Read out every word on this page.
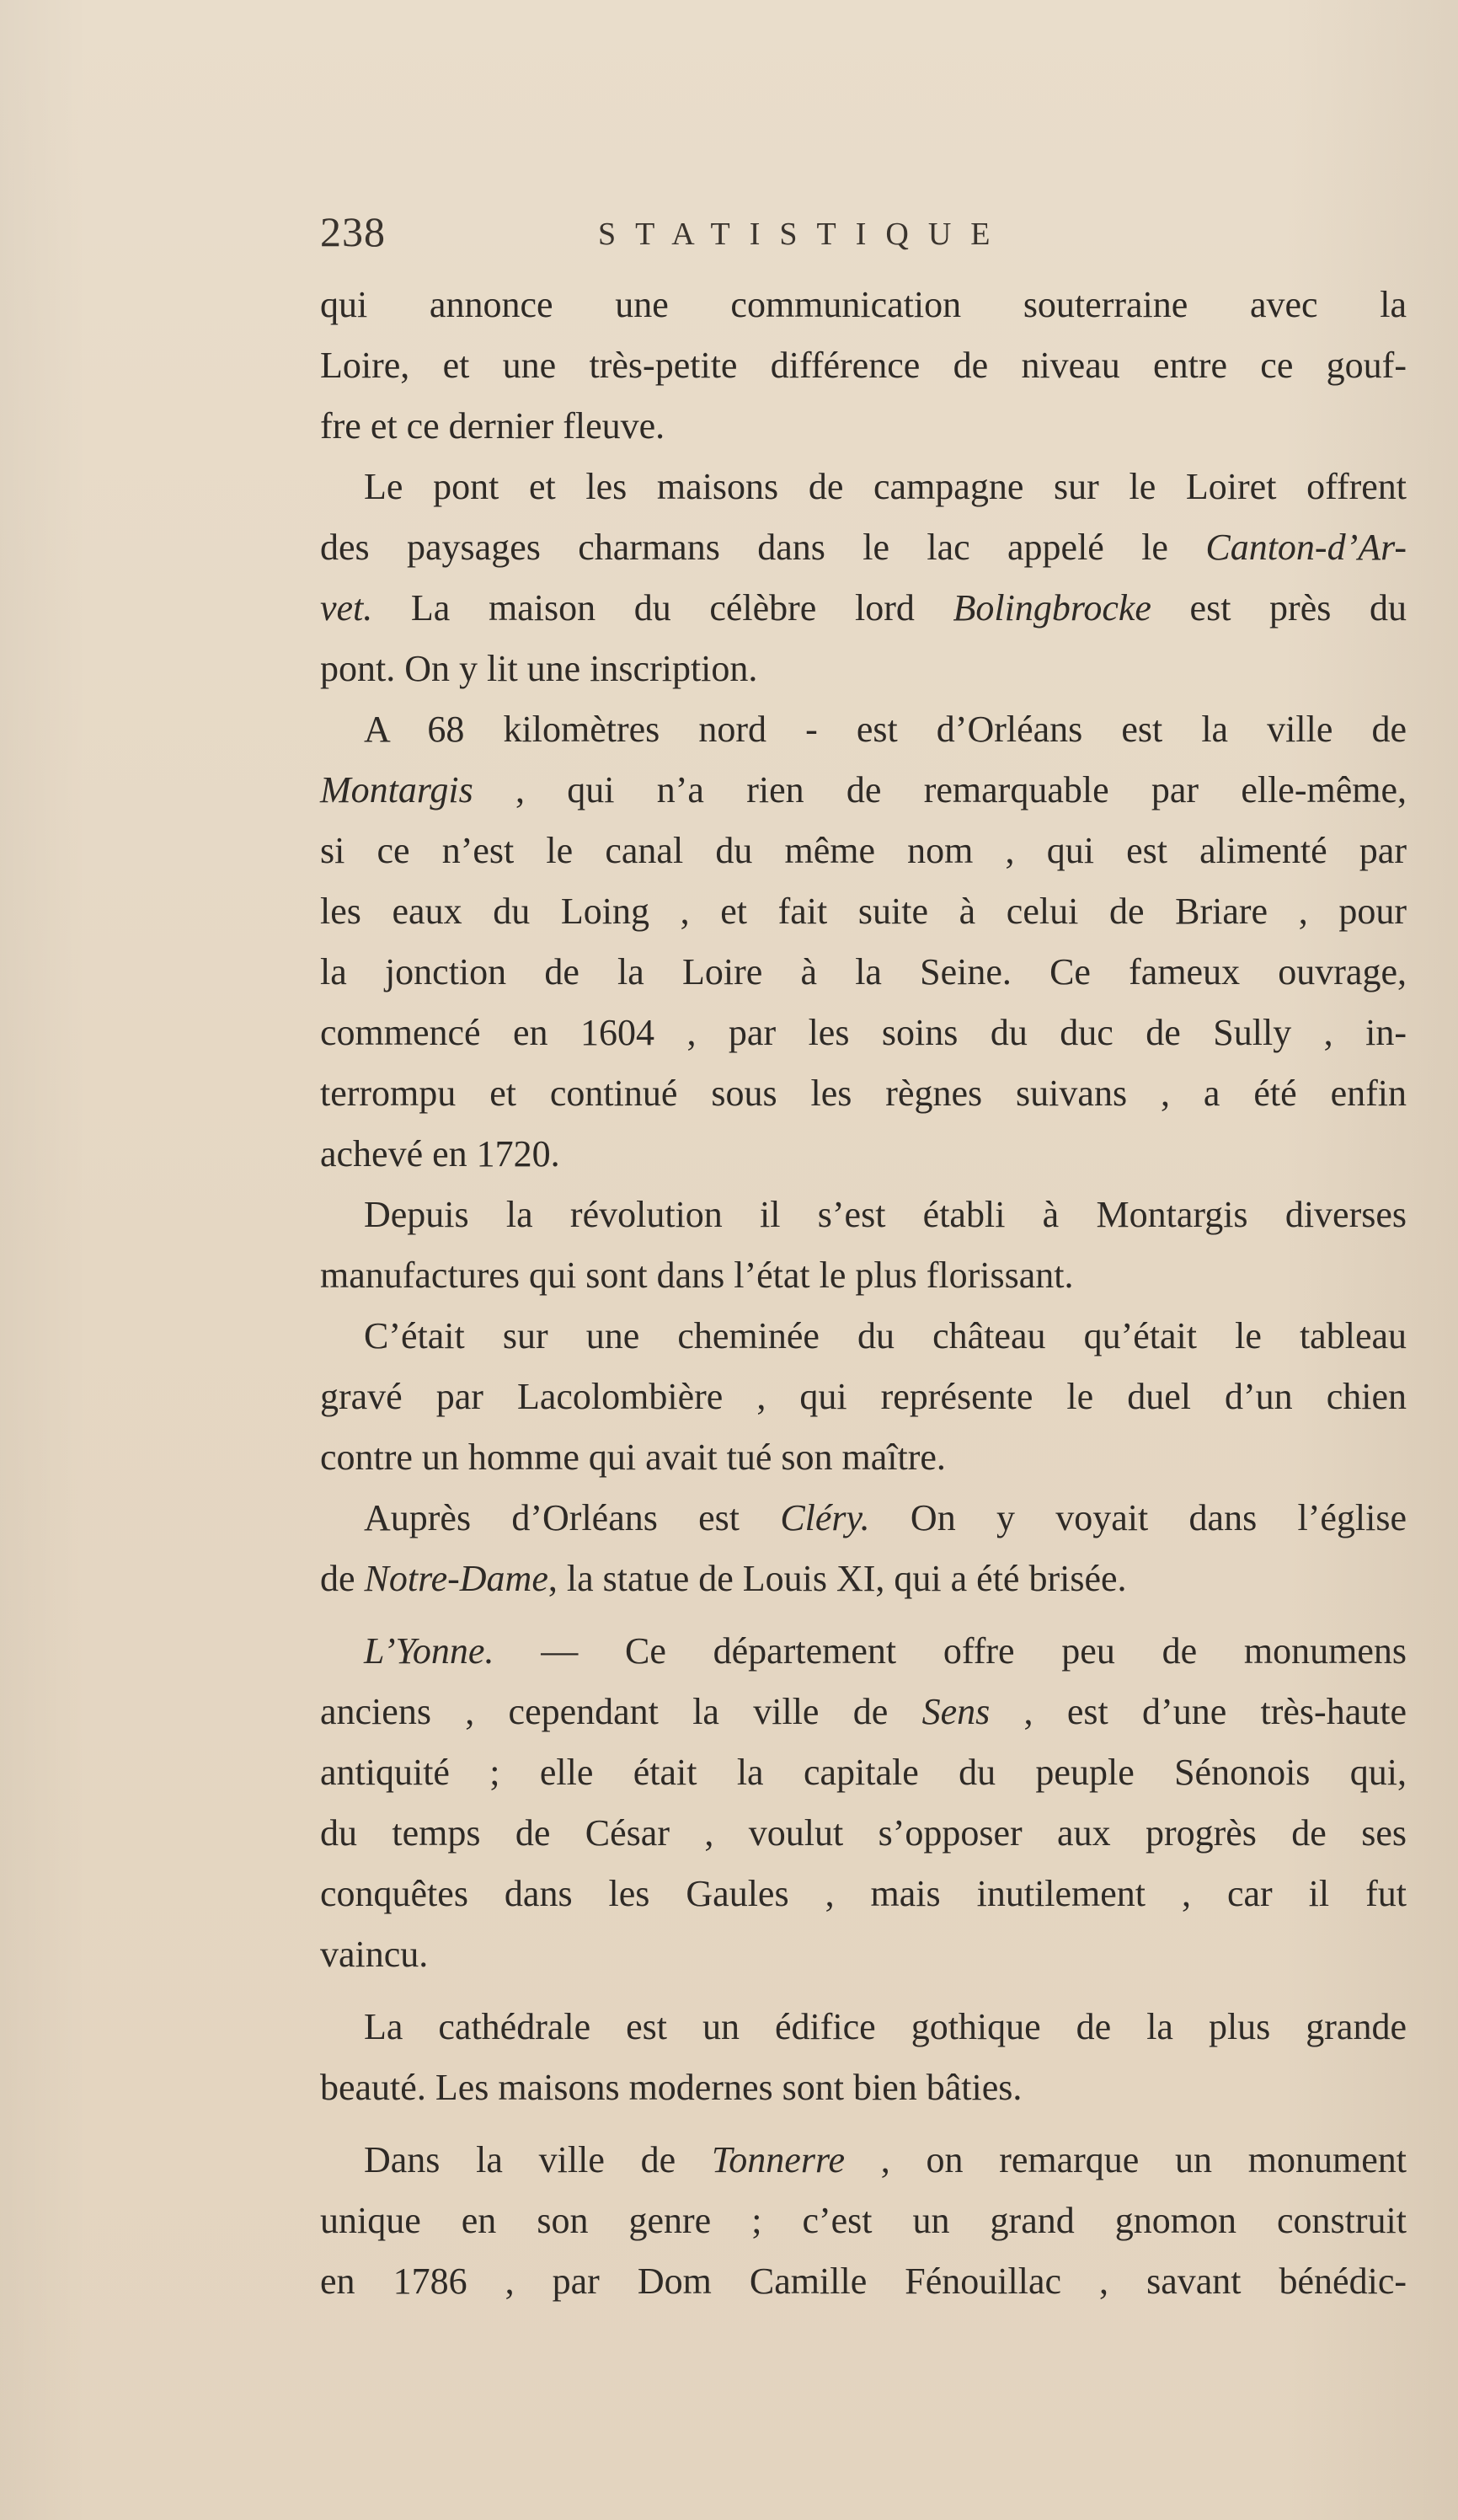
238	STATISTIQUE
qui annonce une communication souterraine avec la
Loire, et une très-petite différence de niveau entre ce gouf-
fre et ce dernier fleuve.
Le pont et les maisons de campagne sur le Loiret offrent
des paysages charmans dans le lac appelé le Canton-d’Ar-
vet. La maison du célèbre lord Bolingbrocke est près du
pont. On y lit une inscription.
A 68 kilomètres nord - est d’Orléans est la ville de
Montargis , qui n’a rien de remarquable par elle-même,
si ce n’est le canal du même nom , qui est alimenté par
les eaux du Loing , et fait suite à celui de Briare , pour
la jonction de la Loire à la Seine. Ce fameux ouvrage,
commencé en 1604 , par les soins du duc de Sully , in-
terrompu et continué sous les règnes suivans , a été enfin
achevé en 1720.
Depuis la révolution il s’est établi à Montargis diverses
manufactures qui sont dans l’état le plus florissant.
C’était sur une cheminée du château qu’était le tableau
gravé par Lacolombière , qui représente le duel d’un chien
contre un homme qui avait tué son maître.
Auprès d’Orléans est Cléry. On y voyait dans l’église
de Notre-Dame, la statue de Louis XI, qui a été brisée.
L’Yonne. — Ce département offre peu de monumens
anciens , cependant la ville de Sens , est d’une très-haute
antiquité ; elle était la capitale du peuple Sénonois qui,
du temps de César , voulut s’opposer aux progrès de ses
conquêtes dans les Gaules , mais inutilement , car il fut
vaincu.
La cathédrale est un édifice gothique de la plus grande
beauté. Les maisons modernes sont bien bâties.
Dans la ville de Tonnerre , on remarque un monument
unique en son genre ; c’est un grand gnomon construit
en 1786 , par Dom Camille Fénouillac , savant bénédic-
